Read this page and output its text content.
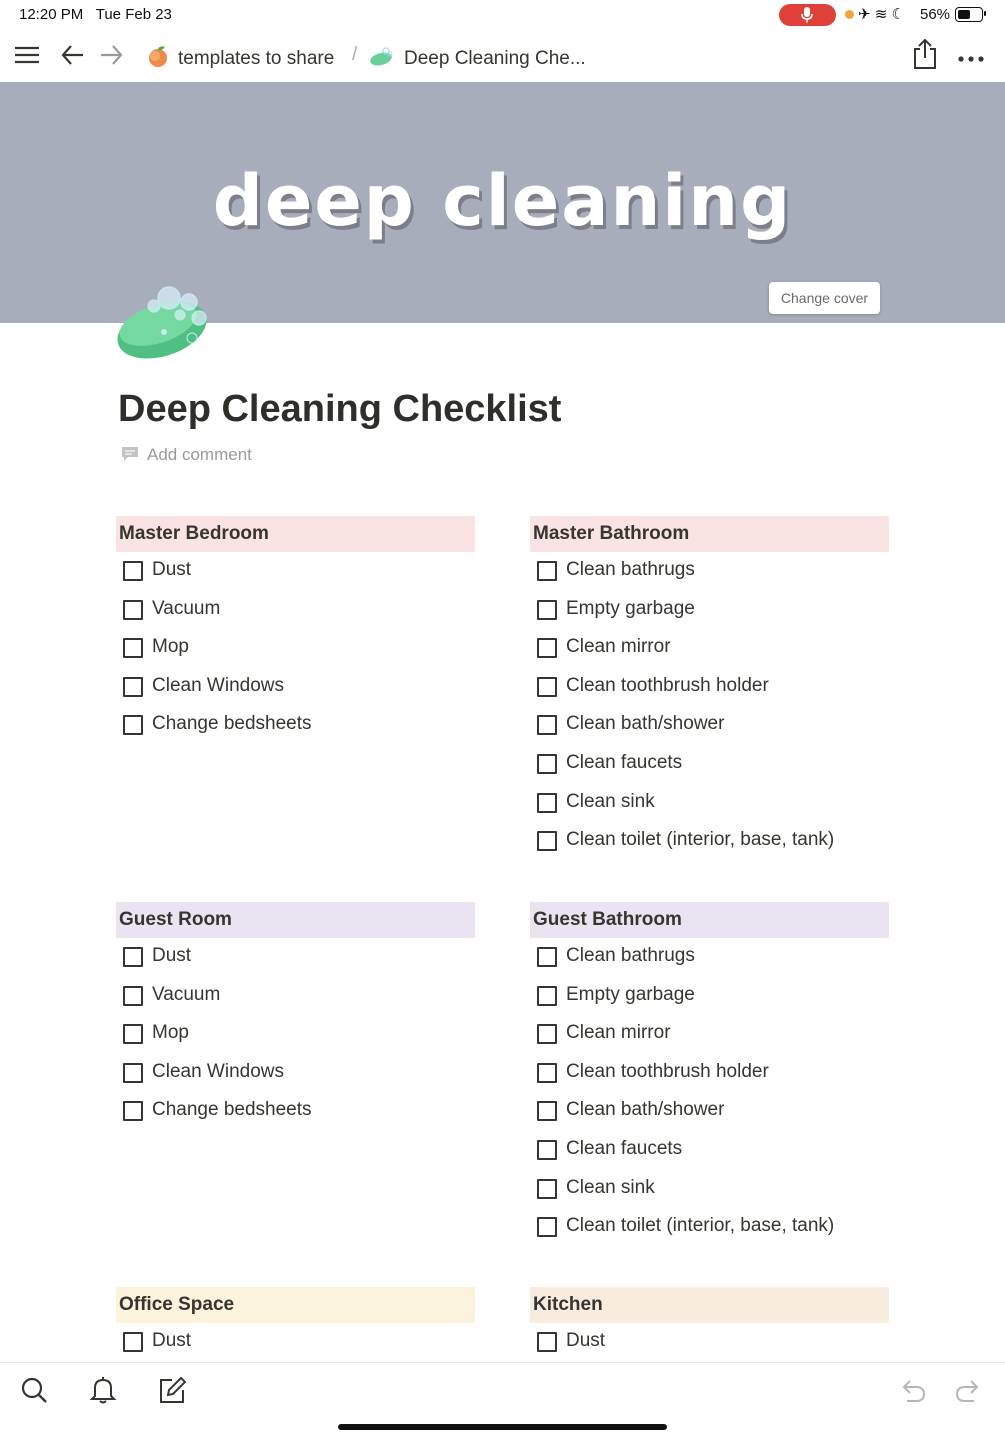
12:20 PM Tue Feb 23	✈ ≋ ☾ 56%
templates to share /	Deep Cleaning Che...
deep cleaning
Change cover
Deep Cleaning Checklist
Add comment
Master Bedroom
Dust
Vacuum
Mop
Clean Windows
Change bedsheets
Master Bathroom
Clean bathrugs
Empty garbage
Clean mirror
Clean toothbrush holder
Clean bath/shower
Clean faucets
Clean sink
Clean toilet (interior, base, tank)
Guest Room
Dust
Vacuum
Mop
Clean Windows
Change bedsheets
Guest Bathroom
Clean bathrugs
Empty garbage
Clean mirror
Clean toothbrush holder
Clean bath/shower
Clean faucets
Clean sink
Clean toilet (interior, base, tank)
Office Space
Dust
Kitchen
Dust
